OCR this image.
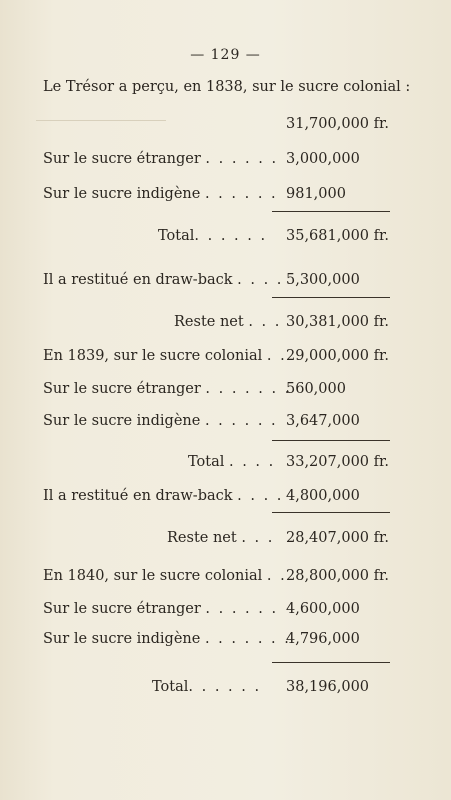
— 129 —
Le Trésor a perçu, en 1838, sur le sucre colonial :
31,700,000 fr.
Sur le sucre étranger . . . . . . 3,000,000
Sur le sucre indigène . . . . . . 981,000
Total. . . . . . 35,681,000 fr.
Il a restitué en draw-back . . . . 5,300,000
Reste net . . . 30,381,000 fr.
En 1839, sur le sucre colonial . . 29,000,000 fr.
Sur le sucre étranger . . . . . . .
560,000
Sur le sucre indigène . . . . . . 3,647,000
Total . . . . 33,207,000 fr.
Il a restitué en draw-back . . . . 4,800,000
Reste net . . . 28,407,000 fr.
En 1840, sur le sucre colonial . . 28,800,000 fr.
Sur le sucre étranger . . . . . . 4,600,000
Sur le sucre indigène . . . . . . .
4,796,000
Total. . . . . . 38,196,000
